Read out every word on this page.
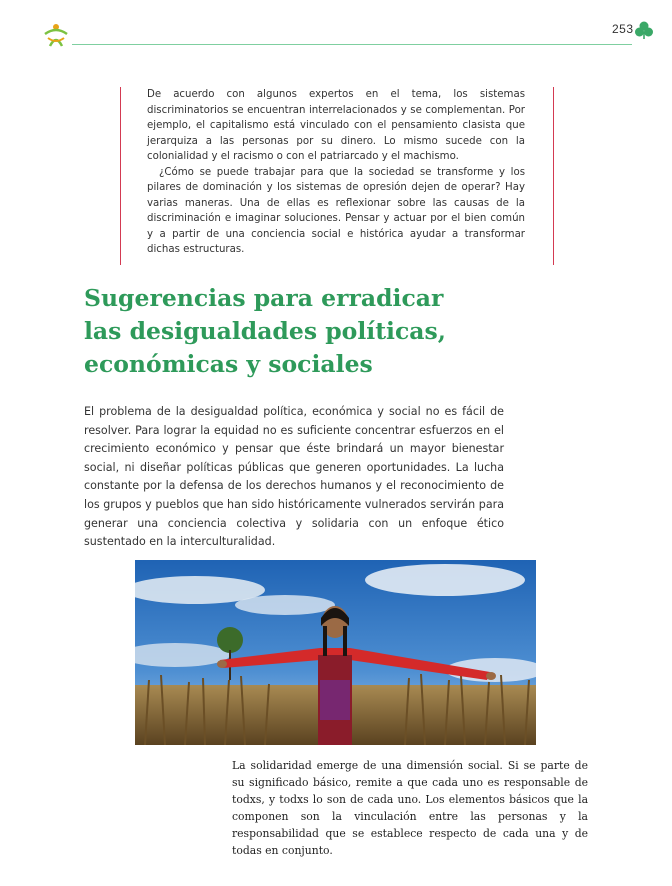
253

De acuerdo con algunos expertos en el tema, los sistemas discriminatorios se encuentran interrelacionados y se complementan. Por ejemplo, el capitalismo está vinculado con el pensamiento clasista que jerarquiza a las personas por su dinero. Lo mismo sucede con la colonialidad y el racismo o con el patriarcado y el machismo.

¿Cómo se puede trabajar para que la sociedad se transforme y los pilares de dominación y los sistemas de opresión dejen de operar? Hay varias maneras. Una de ellas es reflexionar sobre las causas de la discriminación e imaginar soluciones. Pensar y actuar por el bien común y a partir de una conciencia social e histórica ayudar a transformar dichas estructuras.

Sugerencias para erradicar
las desigualdades políticas,
económicas y sociales

El problema de la desigualdad política, económica y social no es fácil de resolver. Para lograr la equidad no es suficiente concentrar esfuerzos en el crecimiento económico y pensar que éste brindará un mayor bienestar social, ni diseñar políticas públicas que generen oportunidades. La lucha constante por la defensa de los derechos humanos y el reconocimiento de los grupos y pueblos que han sido históricamente vulnerados servirán para generar una conciencia colectiva y solidaria con un enfoque ético sustentado en la interculturalidad.

La solidaridad emerge de una dimensión social. Si se parte de su significado básico, remite a que cada uno es responsable de todxs, y todxs lo son de cada uno. Los elementos básicos que la componen son la vinculación entre las personas y la responsabilidad que se establece respecto de cada una y de todas en conjunto.
